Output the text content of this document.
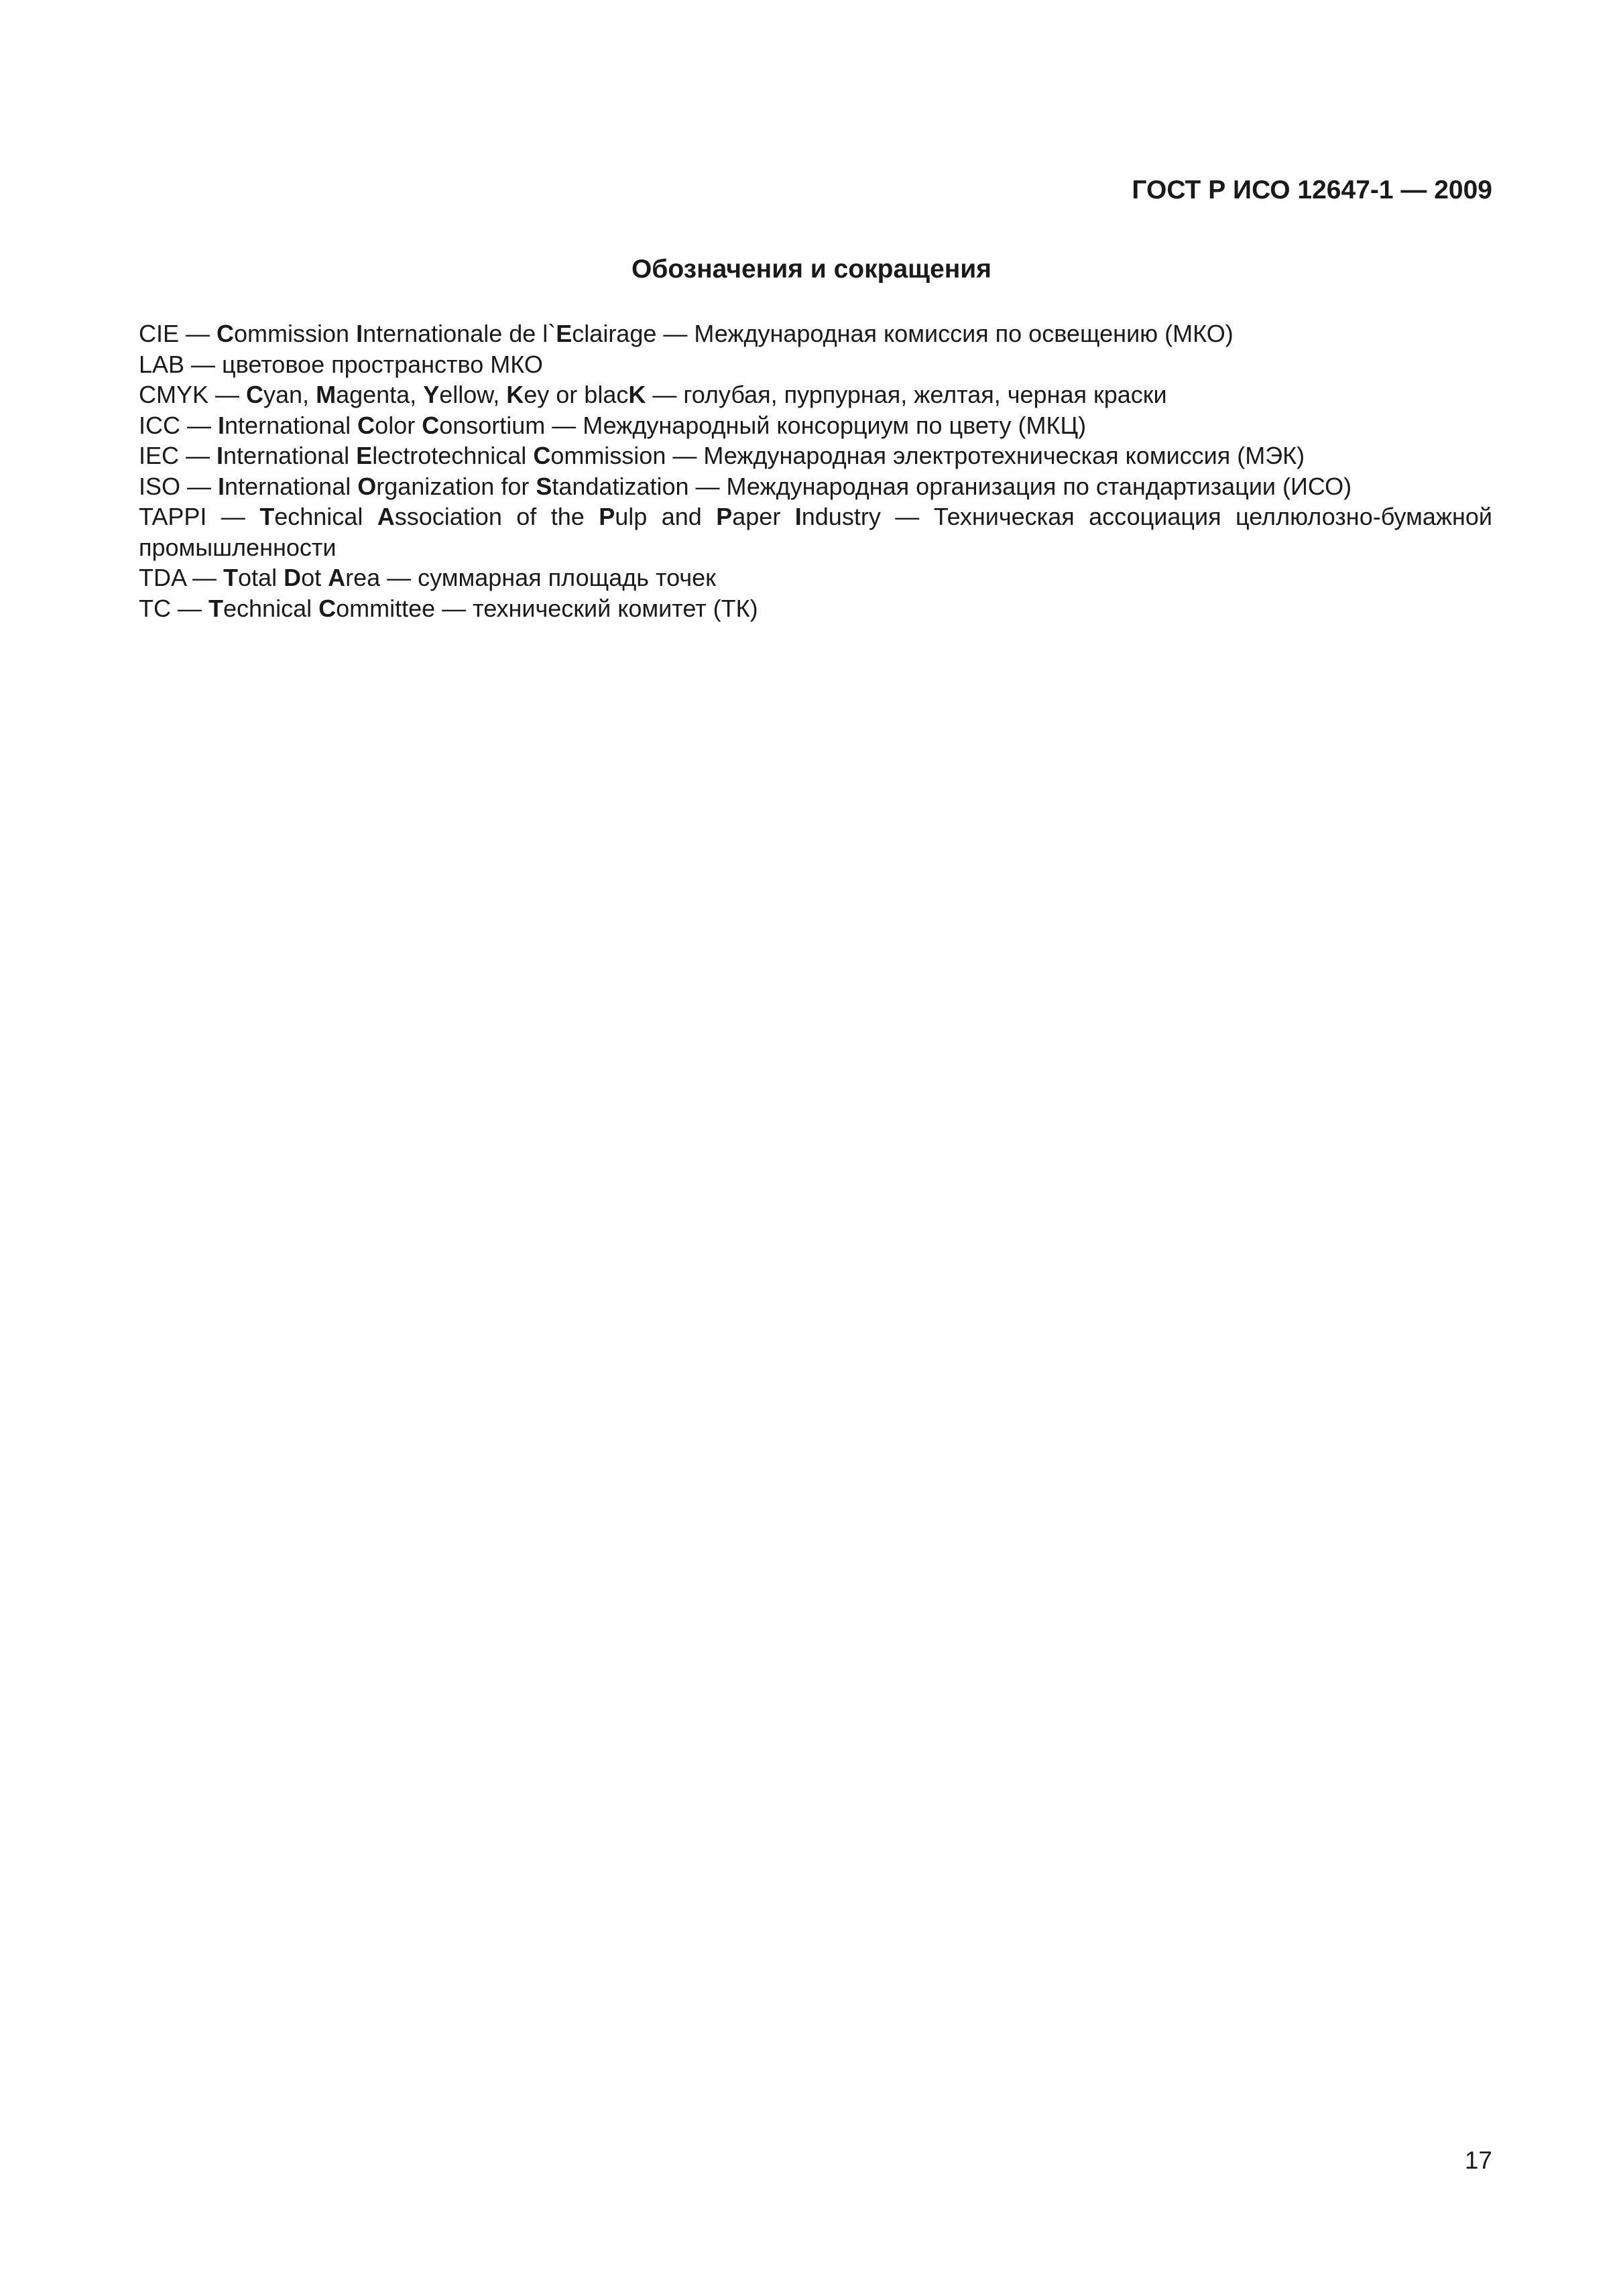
ГОСТ Р ИСО 12647-1 — 2009
Обозначения и сокращения

CIE — Commission Internationale de l`Eclairage — Международная комиссия по освещению (МКО)

LAB — цветовое пространство МКО

CMYK — Cyan, Magenta, Yellow, Key or blacK — голубая, пурпурная, желтая, черная краски

ICC — International Color Consortium — Международный консорциум по цвету (МКЦ)

IEC — International Electrotechnical Commission — Международная электротехническая комиссия (МЭК)

ISO — International Organization for Standatization — Международная организация по стандартизации (ИСО)

TAPPI — Technical Association of the Pulp and Paper Industry — Техническая ассоциация целлюлозно-бумажной промышленности

TDA — Total Dot Area — суммарная площадь точек

TC — Technical Committee — технический комитет (ТК)

17
